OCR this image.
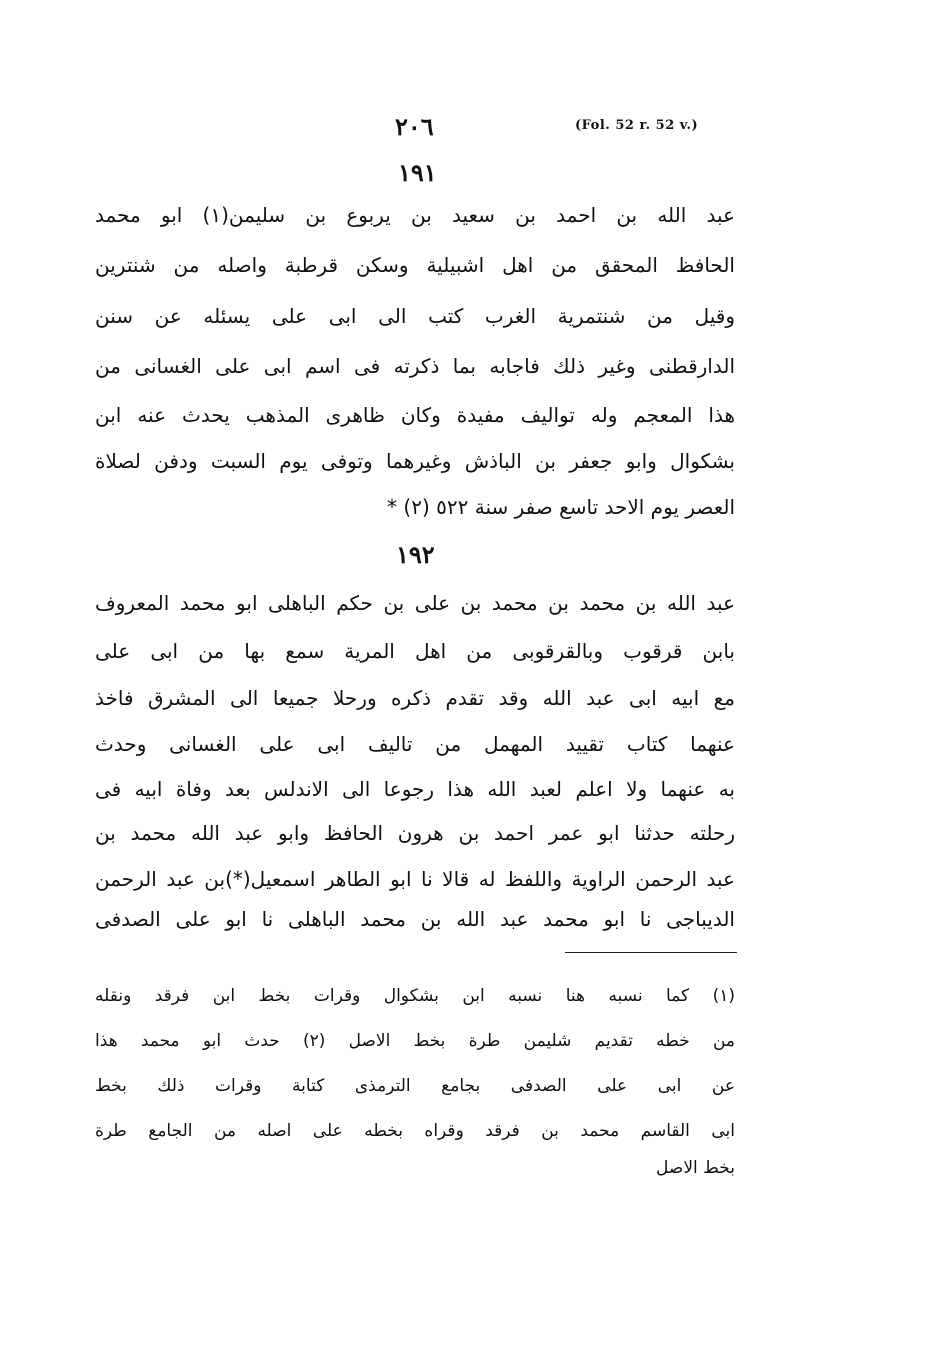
(Fol. 52 r. 52 v.)
٢٠٦
١٩١
عبد الله بن احمد بن سعيد بن يربوع بن سليمن(١) ابو محمد
الحافظ المحقق من اهل اشبيلية وسكن قرطبة واصله من شنترين
وقيل من شنتمرية الغرب كتب الى ابى على يسئله عن سنن
الدارقطنى وغير ذلك فاجابه بما ذكرته فى اسم ابى على الغسانى من
هذا المعجم وله تواليف مفيدة وكان ظاهرى المذهب يحدث عنه ابن
بشكوال وابو جعفر بن الباذش وغيرهما وتوفى يوم السبت ودفن لصلاة
العصر يوم الاحد تاسع صفر سنة ٥٢٢ (٢) *
١٩٢
عبد الله بن محمد بن محمد بن على بن حكم الباهلى ابو محمد المعروف
بابن قرقوب وبالقرقوبى من اهل المرية سمع بها من ابى على
مع ابيه ابى عبد الله وقد تقدم ذكره ورحلا جميعا الى المشرق فاخذ
عنهما كتاب تقييد المهمل من تاليف ابى على الغسانى وحدث
به عنهما ولا اعلم لعبد الله هذا رجوعا الى الاندلس بعد وفاة ابيه فى
رحلته حدثنا ابو عمر احمد بن هرون الحافظ وابو عبد الله محمد بن
عبد الرحمن الراوية واللفظ له قالا نا ابو الطاهر اسمعيل(*)بن عبد الرحمن
الديباجى نا ابو محمد عبد الله بن محمد الباهلى نا ابو على الصدفى
(١) كما نسبه هنا نسبه ابن بشكوال وقرات بخط ابن فرقد ونقله
من خطه تقديم شليمن طرة بخط الاصل (٢) حدث ابو محمد هذا
عن ابى على الصدفى بجامع الترمذى كتابة وقرات ذلك بخط
ابى القاسم محمد بن فرقد وقراه بخطه على اصله من الجامع طرة
بخط الاصل
